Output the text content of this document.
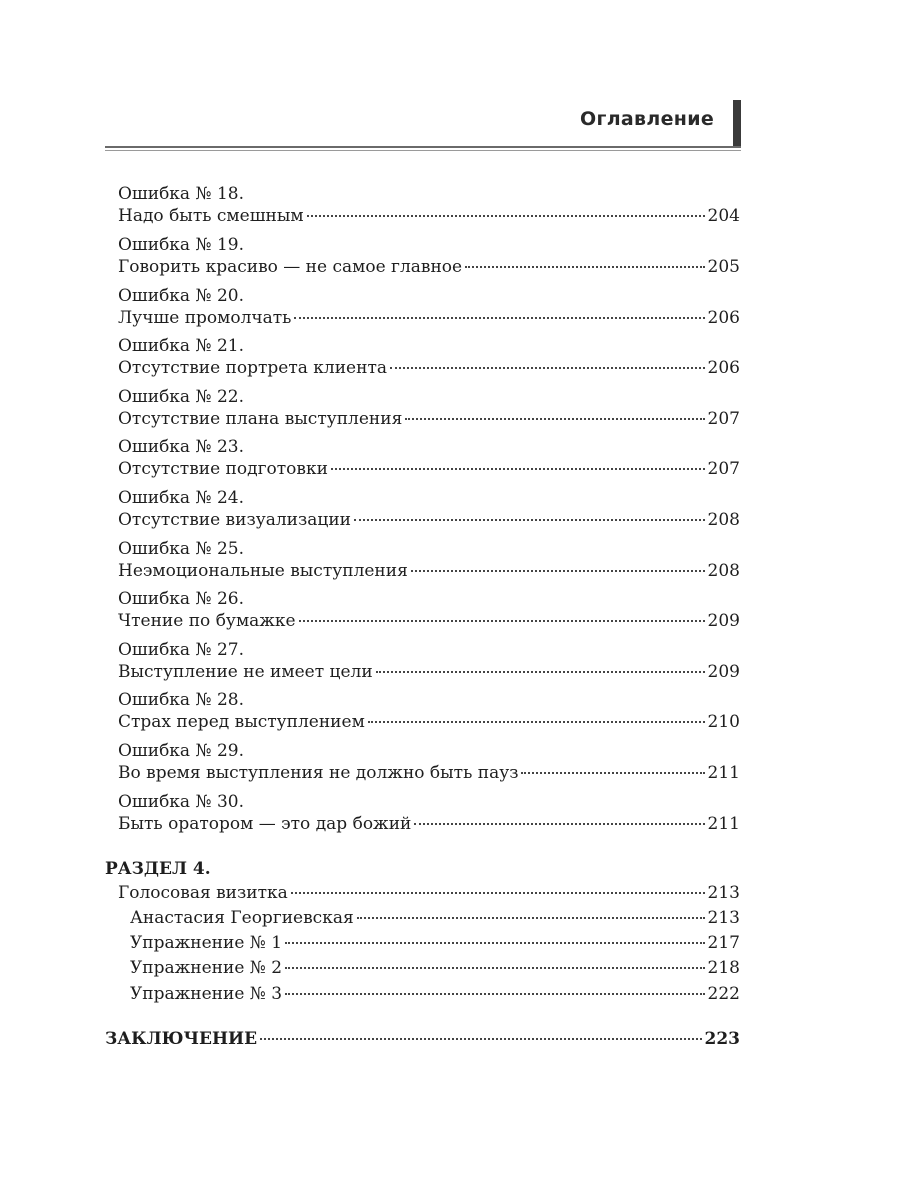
Оглавление
Ошибка № 18.
Надо быть смешным	204
Ошибка № 19.
Говорить красиво — не самое главное	205
Ошибка № 20.
Лучше промолчать	206
Ошибка № 21.
Отсутствие портрета клиента	206
Ошибка № 22.
Отсутствие плана выступления	207
Ошибка № 23.
Отсутствие подготовки	207
Ошибка № 24.
Отсутствие визуализации	208
Ошибка № 25.
Неэмоциональные выступления	208
Ошибка № 26.
Чтение по бумажке	209
Ошибка № 27.
Выступление не имеет цели	209
Ошибка № 28.
Страх перед выступлением	210
Ошибка № 29.
Во время выступления не должно быть пауз	211
Ошибка № 30.
Быть оратором — это дар божий	211
РАЗДЕЛ 4.
Голосовая визитка	213
Анастасия Георгиевская	213
Упражнение № 1	217
Упражнение № 2	218
Упражнение № 3	222
ЗАКЛЮЧЕНИЕ	223
